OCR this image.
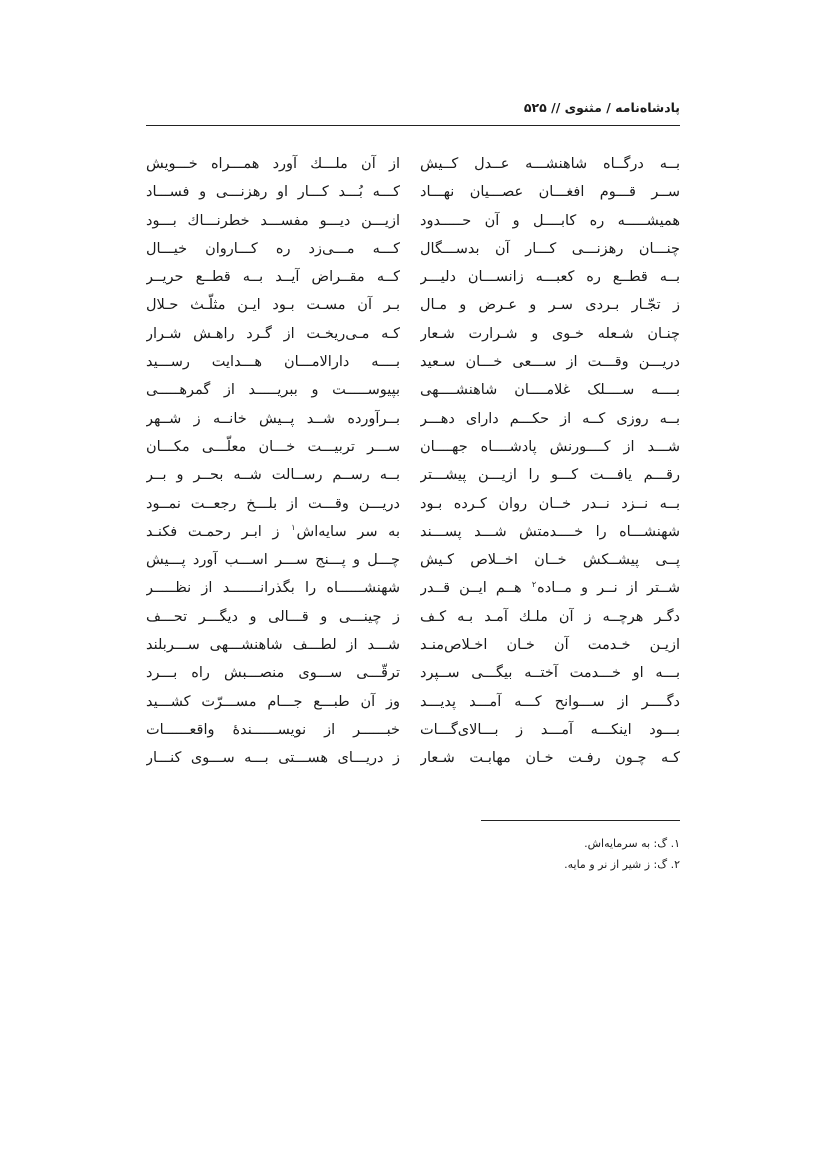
پادشاه‌نامه / مثنوی // ۵۲۵
بــه درگــاه شاهنشـــه عــدل كــيش
ســر قـــوم افغـــان عصـــيان نهـــاد
هميشـــــه ره كابــــل و آن حـــــدود
چنـــان رهزنـــى كـــار آن بدســـگال
بــه قطــع ره كعبـــه زانســـان دليـــر
ز تجّـار بـردى سـر و عـرض و مـال
چنـان شـعله خـوى و شـرارت شـعار
دريـــن وقـــت از ســـعى خـــان سـعيد
بــــه ســــلک غلامــــان شاهنشــــهى
بــه روزى كــه از حكـــم داراى دهـــر
شـــد از كــــورنش پادشــــاه جهــــان
رقـــم يافـــت كـــو را ازيـــن پيشـــتر
بــه نــزد نــدر خــان روان كـرده بـود
شهنشـــاه را خــــدمتش شـــد پســـند
پــى پيشــكش خــان اخــلاص كـيش
شــتر از نــر و مــاده$^۲$ هــم ايــن قــدر
دگـر هرچــه ز آن ملـك آمـد بـه كـف
ازيـن خـدمت آن خـان اخـلاص‌منـد
بـــه او خـــدمت آختــه بيگـــى ســپرد
دگــــر از ســـوانح كـــه آمـــد پديـــد
بـــود اينكـــه آمـــد ز بـــالاى‌گـــات
كـه چـون رفـت خـان مهابـت شـعار
از آن ملـــك آورد همـــراه خـــويش
كـــه بُـــد كـــار او رهزنـــى و فســـاد
ازيـــن ديـــو مفســـد خطرنـــاك بـــود
كـــه مـــى‌زد ره كـــاروان خيـــال
كــه مقــراض آيــد بــه قطــع حريــر
بـر آن مسـت بـود ايـن مثلّـث حـلال
كـه مـى‌ريخـت از گـرد راهـش شـرار
بــــه دارالامـــان هـــدايت رســـيد
بپيوســـــت و ببريـــــد از گمرهـــــى
بــرآورده شــد پــيش خانــه ز شــهر
ســـر تربيـــت خـــان معلّـــى مكـــان
بــه رســم رســالت شــه بحــر و بــر
دريـــن وقـــت از بلـــخ رجعــت نمــود
به سر سايه‌اش$^۱$ ز ابـر رحمـت فكنـد
چـــل و پـــنج ســـر اســـب آورد پـــيش
شهنشــــــاه را بگذرانـــــــد از نظـــــر
ز چينـــى و قـــالى و ديگـــر تحـــف
شـــد از لطـــف شاهنشـــهى ســـربلند
ترقّـــى ســـوى منصـــبش راه بـــرد
وز آن طبـــع جـــام مســـرّت كشـــيد
خبــــــر از نويســــــندۀ واقعــــــات
ز دريـــاى هســـتى بـــه ســـوى كنـــار
۱. گ: به سرمايه‌اش.
۲. گ: ز شير از نر و مايه.
